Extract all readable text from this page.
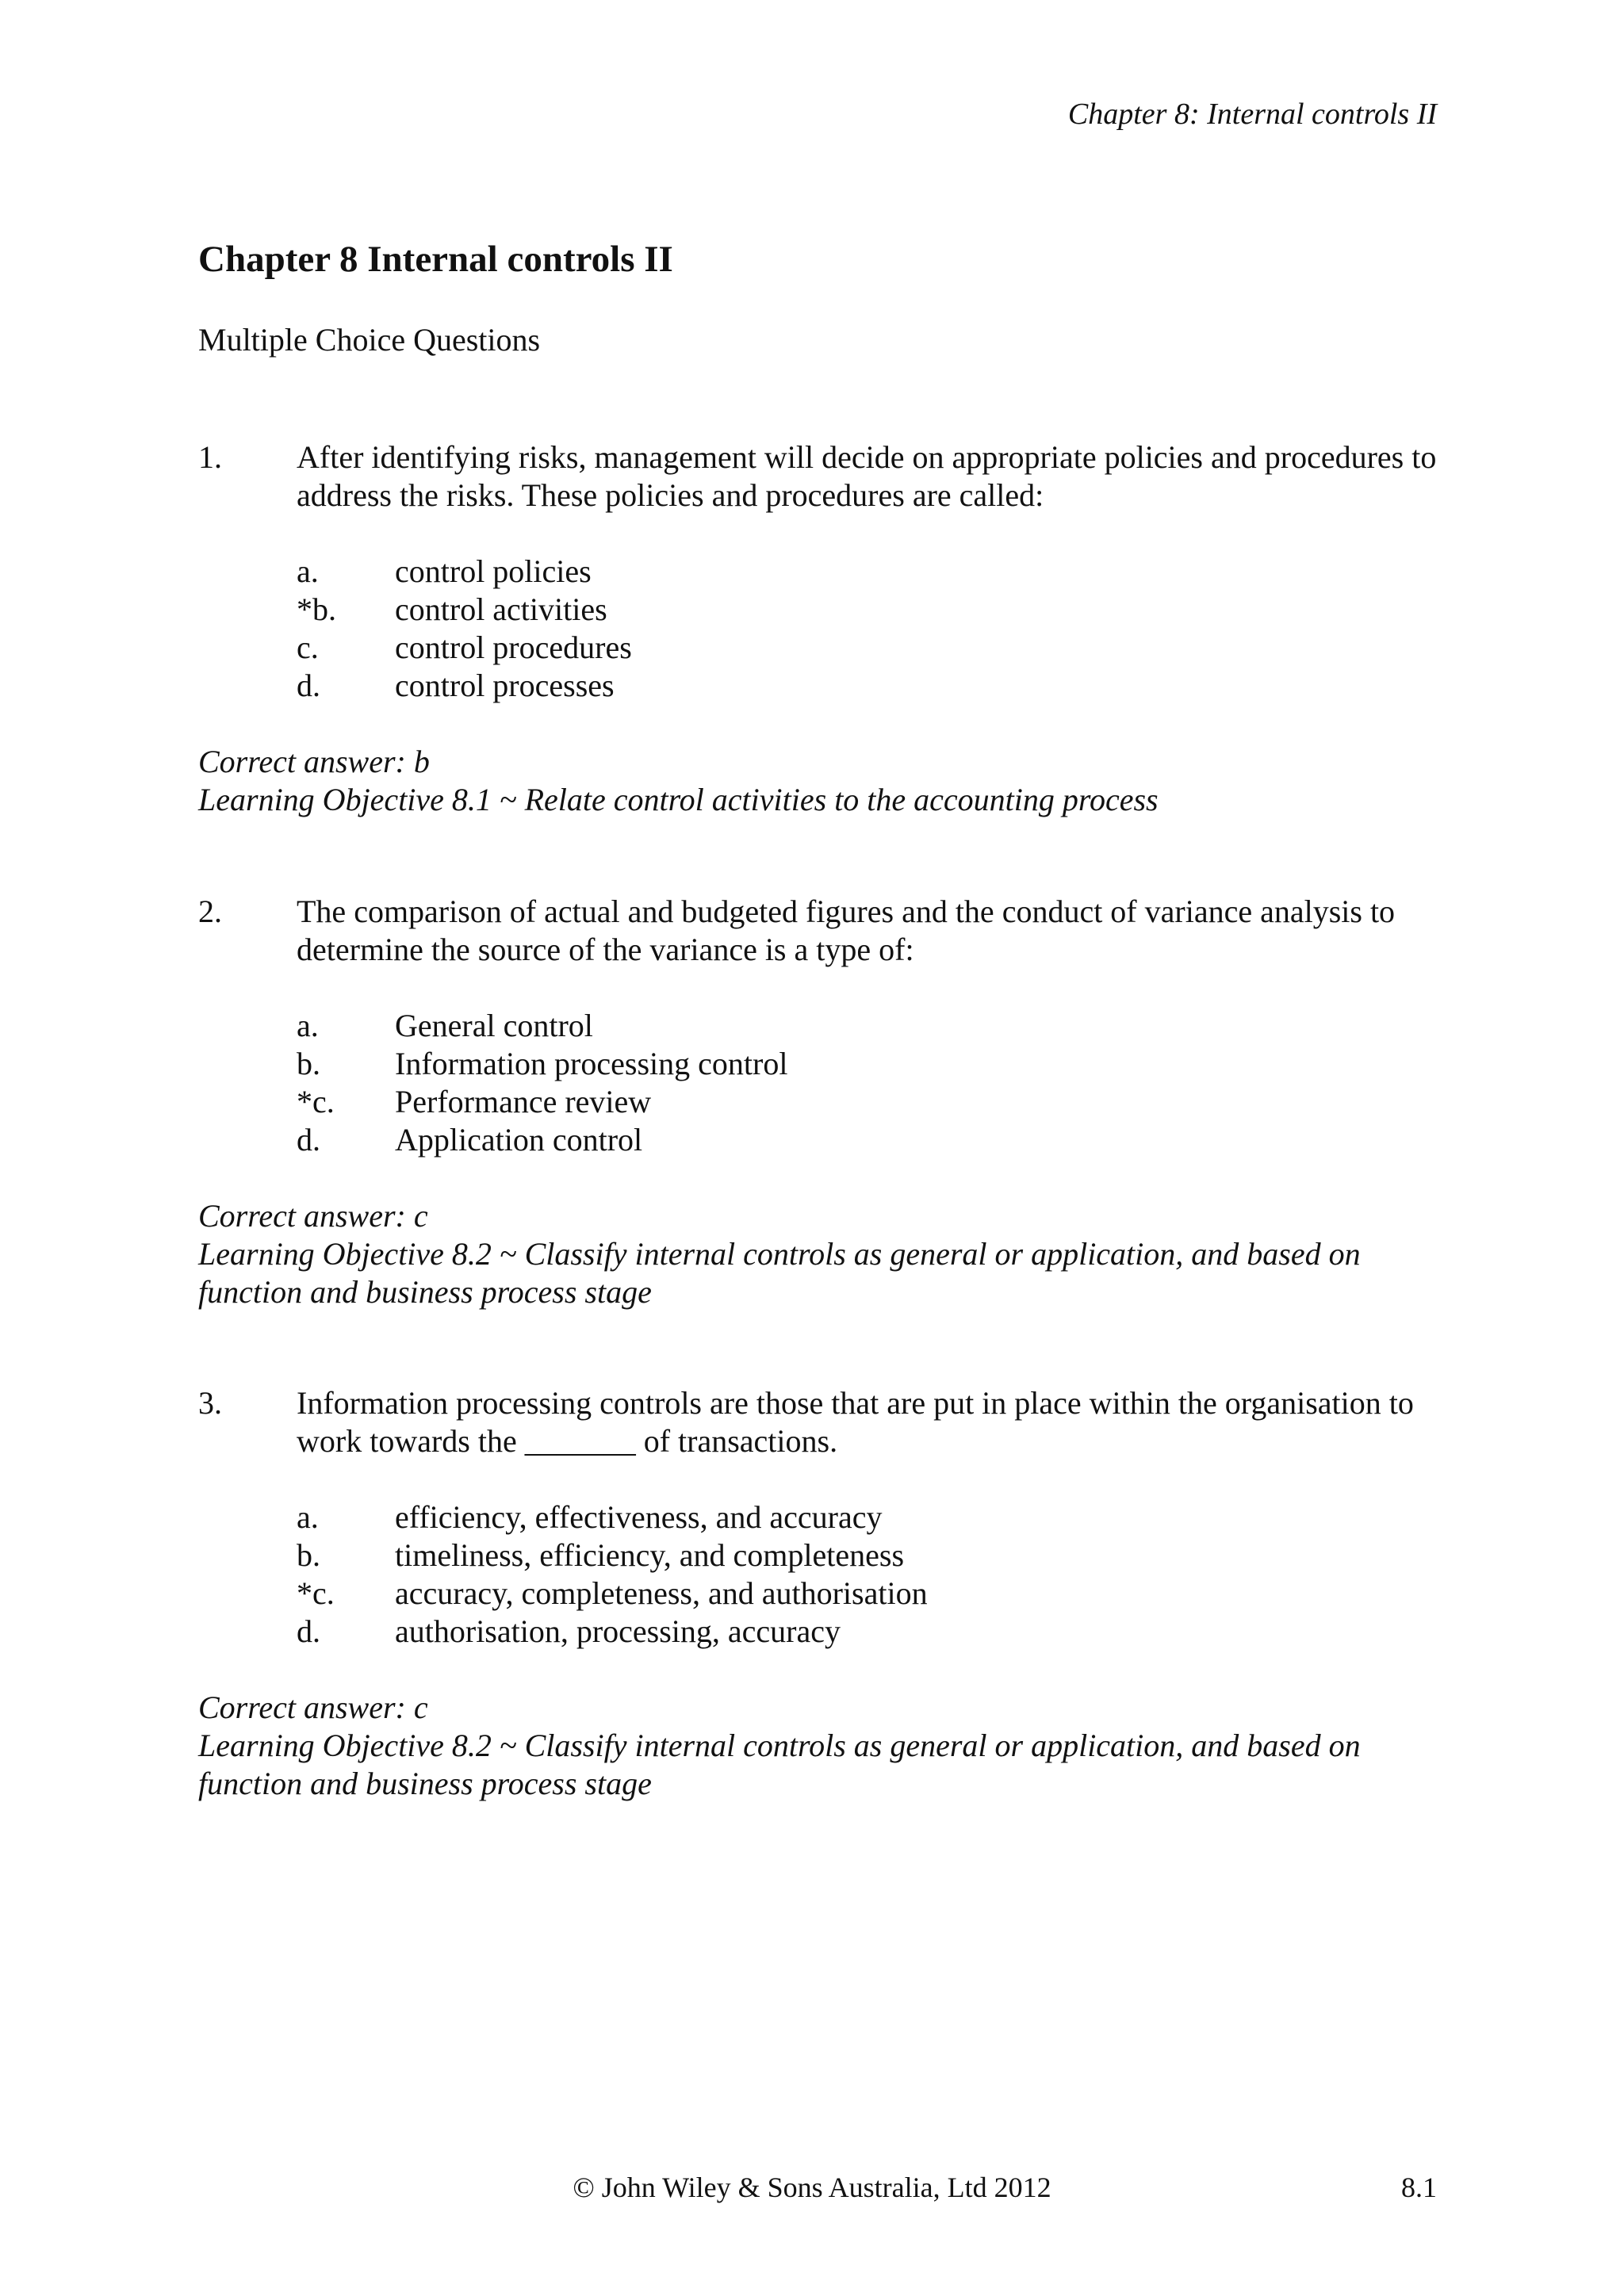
Chapter 8: Internal controls II
Chapter 8 Internal controls II
Multiple Choice Questions
1. After identifying risks, management will decide on appropriate policies and procedures to address the risks. These policies and procedures are called:
a. control policies
*b. control activities
c. control procedures
d. control processes
Correct answer: b
Learning Objective 8.1 ~ Relate control activities to the accounting process
2. The comparison of actual and budgeted figures and the conduct of variance analysis to determine the source of the variance is a type of:
a. General control
b. Information processing control
*c. Performance review
d. Application control
Correct answer: c
Learning Objective 8.2 ~ Classify internal controls as general or application, and based on function and business process stage
3. Information processing controls are those that are put in place within the organisation to work towards the _______ of transactions.
a. efficiency, effectiveness, and accuracy
b. timeliness, efficiency, and completeness
*c. accuracy, completeness, and authorisation
d. authorisation, processing, accuracy
Correct answer: c
Learning Objective 8.2 ~ Classify internal controls as general or application, and based on function and business process stage
© John Wiley & Sons Australia, Ltd 2012	8.1
